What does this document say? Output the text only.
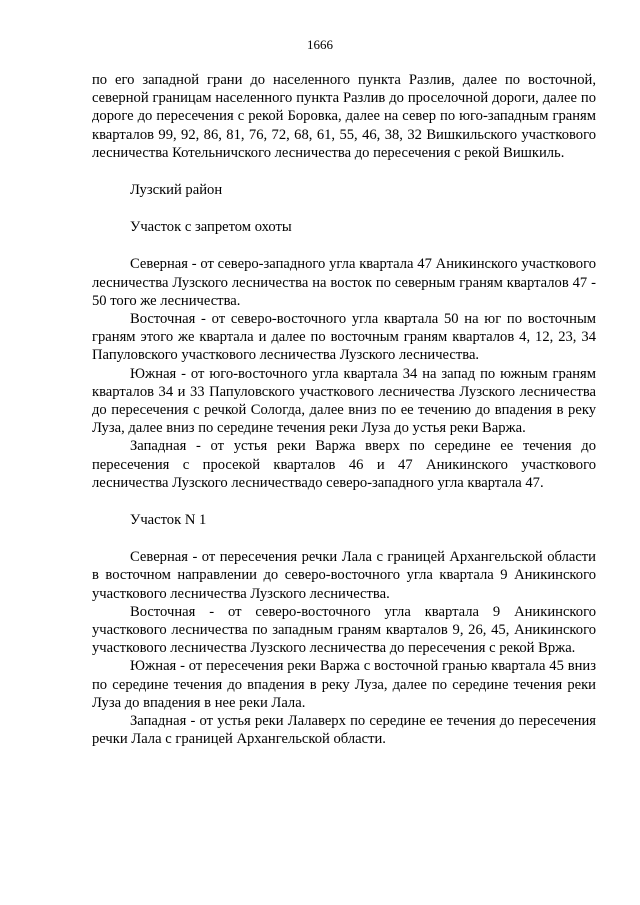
1666

по его западной грани до населенного пункта Разлив, далее по восточной, северной границам населенного пункта Разлив до проселочной дороги, далее по дороге до пересечения с рекой Боровка, далее на север по юго-западным граням кварталов 99, 92, 86, 81, 76, 72, 68, 61, 55, 46, 38, 32 Вишкильского участкового лесничества Котельничского лесничества до пересечения с рекой Вишкиль.

Лузский район

Участок с запретом охоты

Северная - от северо-западного угла квартала 47 Аникинского участкового лесничества Лузского лесничества на восток по северным граням кварталов 47 - 50 того же лесничества.

Восточная - от северо-восточного угла квартала 50 на юг по восточным граням этого же квартала и далее по восточным граням кварталов 4, 12, 23, 34 Папуловского участкового лесничества Лузского лесничества.

Южная - от юго-восточного угла квартала 34 на запад по южным граням кварталов 34 и 33 Папуловского участкового лесничества Лузского лесничества до пересечения с речкой Сологда, далее вниз по ее течению до впадения в реку Луза, далее вниз по середине течения реки Луза до устья реки Варжа.

Западная - от устья реки Варжа вверх по середине ее течения до пересечения с просекой кварталов 46 и 47 Аникинского участкового лесничества Лузского лесничествадо северо-западного угла квартала 47.

Участок N 1

Северная - от пересечения речки Лала с границей Архангельской области в восточном направлении до северо-восточного угла квартала 9 Аникинского участкового лесничества Лузского лесничества.

Восточная - от северо-восточного угла квартала 9 Аникинского участкового лесничества по западным граням кварталов 9, 26, 45, Аникинского участкового лесничества Лузского лесничества до пересечения с рекой Вржа.

Южная - от пересечения реки Варжа с восточной гранью квартала 45 вниз по середине течения до впадения в реку Луза, далее по середине течения реки Луза до впадения в нее реки Лала.

Западная - от устья реки Лалаверх по середине ее течения до пересечения речки Лала с границей Архангельской области.
